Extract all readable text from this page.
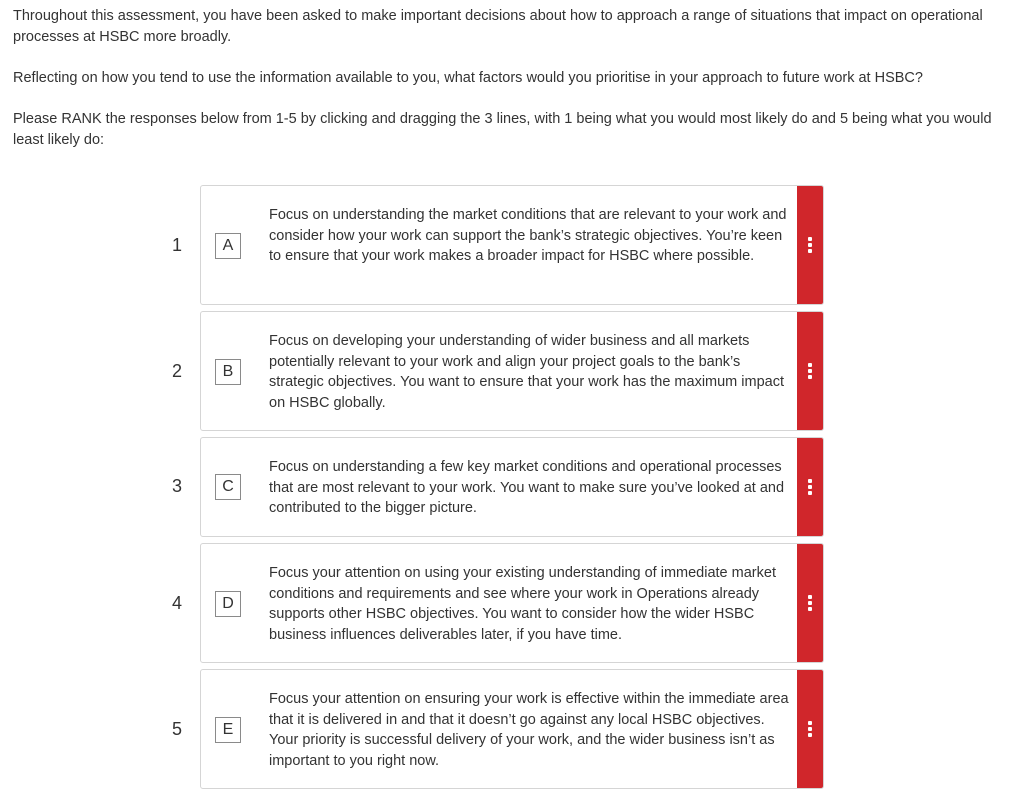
Throughout this assessment, you have been asked to make important decisions about how to approach a range of situations that impact on operational processes at HSBC more broadly.

Reflecting on how you tend to use the information available to you, what factors would you prioritise in your approach to future work at HSBC?

Please RANK the responses below from 1-5 by clicking and dragging the 3 lines, with 1 being what you would most likely do and 5 being what you would least likely do:

1	A
Focus on understanding the market conditions that are relevant to your work and consider how your work can support the bank’s strategic objectives. You’re keen to ensure that your work makes a broader impact for HSBC where possible.
2	B
Focus on developing your understanding of wider business and all markets potentially relevant to your work and align your project goals to the bank’s strategic objectives. You want to ensure that your work has the maximum impact on HSBC globally.
3	C
Focus on understanding a few key market conditions and operational processes that are most relevant to your work. You want to make sure you’ve looked at and contributed to the bigger picture.
4	D
Focus your attention on using your existing understanding of immediate market conditions and requirements and see where your work in Operations already supports other HSBC objectives. You want to consider how the wider HSBC business influences deliverables later, if you have time.
5	E
Focus your attention on ensuring your work is effective within the immediate area that it is delivered in and that it doesn’t go against any local HSBC objectives. Your priority is successful delivery of your work, and the wider business isn’t as important to you right now.
